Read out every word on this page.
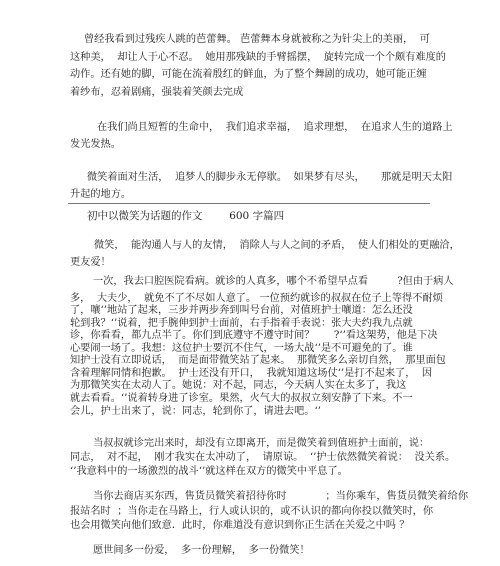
曾经我看到过残疾人跳的芭蕾舞。 芭蕾舞本身就被称之为针尖上的美丽，  可
这种美，  却让人于心不忍。  她用那残缺的手臂摇摆，  旋转完成一个个颇有难度的
动作。还有她的脚，可能在流着殷红的鲜血，为了整个舞剧的成功，她可能正缠
着纱布，忍着剧痛，强装着笑颜去完成
在我们尚且短暂的生命中，  我们追求幸福，  追求理想，  在追求人生的道路上
发光发热。
微笑着面对生活，  追梦人的脚步永无停歇。  如果梦有尽头，     那就是明天太阳
升起的地方。
初中以微笑为话题的作文        600 字篇四
微笑，  能沟通人与人的友情，  消除人与人之间的矛盾，  使人们相处的更融洽，
更友爱！
一次，我去口腔医院看病。就诊的人真多，哪个不希望早点看         ?但由于病人
多，  大夫少，  就免不了不尽如人意了。 一位预约就诊的叔叔在位子上等得不耐烦
了，嚷‘’地站了起来，三步并两步奔到叫号台前，对值班护士嚷道：怎么还没
轮到我？‘’说着，把手腕伸到护士面前，右手指着手表说：张大夫约我九点就
诊，你看看，都九点半了。你们到底遵守不遵守时间？      ?‘’看这架势，他是下决
心要闹一场了。我想：这位护士要沉不住气，一场大战‘’是不可避免的了。谁
知护士没有立即说话，  而是面带微笑站了起来。  那微笑多么亲切自然，  那里面包
含着理解同情和抱歉。  护士还没有开口，  我就知道这场仗‘’是打不起来了，  因
为那微笑实在太动人了。她说：对不起，同志，今天病人实在太多了，我这
就去看看。‘’说着转身进了诊室。果然，火气大的叔叔立刻安静了下来。不一
会儿，护士出来了，说：同志，轮到你了，请进去吧。‘’
当叔叔就诊完出来时，却没有立即离开，而是微笑着到值班护士面前，说：
同志，  对不起，  刚才我实在太冲动了，  请原谅。  ‘’护士依然微笑着说：  没关系。
‘’我意料中的一场激烈的战斗‘’就这样在双方的微笑中平息了。
当你去商店买东西，售货员微笑着招待你时            ；当你乘车，售货员微笑着给你
报站名时  ；当你走在马路上，行人或认识的，或不认识的都向你投以微笑时，你
也会用微笑向他们致意．此时，你难道没有意识到你正生活在关爱之中吗 ？
愿世间多一份爱，  多一份理解，  多一份微笑！
